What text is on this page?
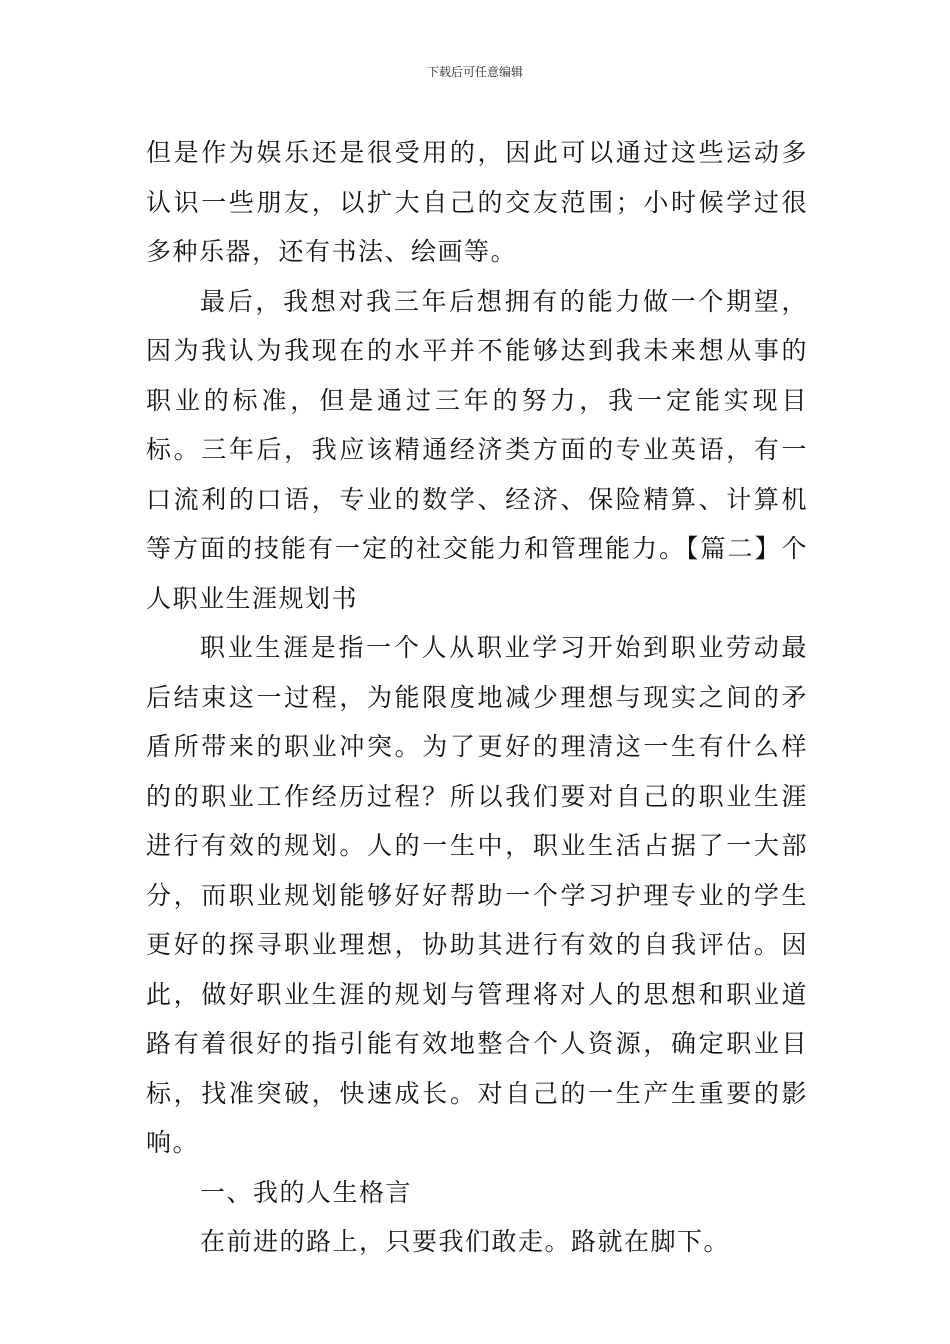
下载后可任意编辑

但是作为娱乐还是很受用的，因此可以通过这些运动多认识一些朋友，以扩大自己的交友范围；小时候学过很多种乐器，还有书法、绘画等。

最后，我想对我三年后想拥有的能力做一个期望，因为我认为我现在的水平并不能够达到我未来想从事的职业的标准，但是通过三年的努力，我一定能实现目标。三年后，我应该精通经济类方面的专业英语，有一口流利的口语，专业的数学、经济、保险精算、计算机等方面的技能有一定的社交能力和管理能力。【篇二】个人职业生涯规划书

职业生涯是指一个人从职业学习开始到职业劳动最后结束这一过程，为能限度地减少理想与现实之间的矛盾所带来的职业冲突。为了更好的理清这一生有什么样的的职业工作经历过程？所以我们要对自己的职业生涯进行有效的规划。人的一生中，职业生活占据了一大部分，而职业规划能够好好帮助一个学习护理专业的学生更好的探寻职业理想，协助其进行有效的自我评估。因此，做好职业生涯的规划与管理将对人的思想和职业道路有着很好的指引能有效地整合个人资源，确定职业目标，找准突破，快速成长。对自己的一生产生重要的影响。

一、我的人生格言

在前进的路上，只要我们敢走。路就在脚下。
